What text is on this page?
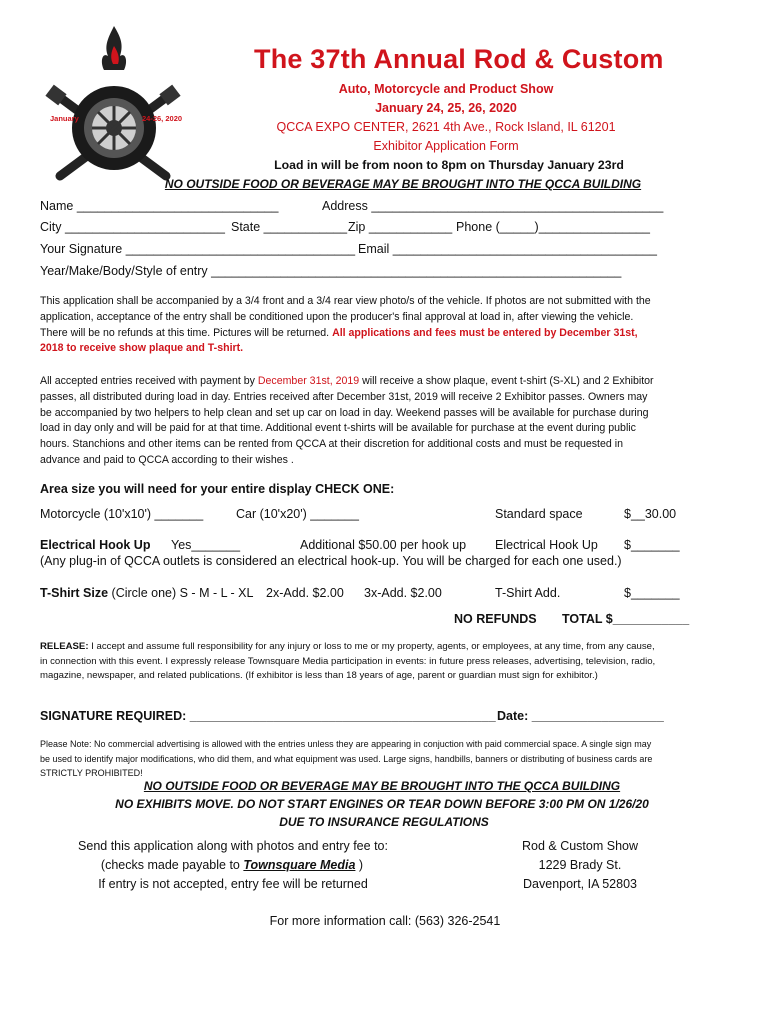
January	24-26, 2020
The 37th Annual Rod & Custom
Auto, Motorcycle and Product Show
January 24, 25, 26, 2020
QCCA EXPO CENTER, 2621 4th Ave., Rock Island, IL 61201
Exhibitor Application Form
Load in will be from noon to 8pm on Thursday January 23rd
NO OUTSIDE FOOD OR BEVERAGE MAY BE BROUGHT INTO THE QCCA BUILDING
Name _____________________________	Address __________________________________________
City _______________________ State ____________ Zip ____________ Phone (_____)________________
Your Signature _________________________________ Email ______________________________________
Year/Make/Body/Style of entry ___________________________________________________________
This application shall be accompanied by a 3/4 front and a 3/4 rear view photo/s of the vehicle. If photos are not submitted with the application, acceptance of the entry shall be conditioned upon the producer's final approval at load in, after viewing the vehicle. There will be no refunds at this time. Pictures will be returned. All applications and fees must be entered by December 31st, 2018 to receive show plaque and T-shirt.
All accepted entries received with payment by December 31st, 2019 will receive a show plaque, event t-shirt (S-XL) and 2 Exhibitor passes, all distributed during load in day. Entries received after December 31st, 2019 will receive 2 Exhibitor passes. Owners may be accompanied by two helpers to help clean and set up car on load in day. Weekend passes will be available for purchase during load in day only and will be paid for at that time. Additional event t-shirts will be available for purchase at the event during public hours. Stanchions and other items can be rented from QCCA at their discretion for additional costs and must be requested in advance and paid to QCCA according to their wishes .
Area size you will need for your entire display CHECK ONE:
Motorcycle (10'x10') _______	Car (10'x20') _______	Standard space	$__30.00
Electrical Hook Up Yes_______	Additional $50.00 per hook up Electrical Hook Up $_______
(Any plug-in of QCCA outlets is considered an electrical hook-up. You will be charged for each one used.)
T-Shirt Size (Circle one) S - M - L - XL 2x-Add. $2.00 3x-Add. $2.00	T-Shirt Add.	$_______
NO REFUNDS TOTAL $___________
RELEASE: I accept and assume full responsibility for any injury or loss to me or my property, agents, or employees, at any time, from any cause, in connection with this event. I expressly release Townsquare Media participation in events: in future press releases, advertising, television, radio, magazine, newspaper, and related publications. (If exhibitor is less than 18 years of age, parent or guardian must sign for exhibitor.)
SIGNATURE REQUIRED: ____________________________________________ Date: ___________________
Please Note: No commercial advertising is allowed with the entries unless they are appearing in conjuction with paid commercial space. A single sign may be used to identify major modifications, who did them, and what equipment was used. Large signs, handbills, banners or distributing of business cards are STRICTLY PROHIBITED!
NO OUTSIDE FOOD OR BEVERAGE MAY BE BROUGHT INTO THE QCCA BUILDING
NO EXHIBITS MOVE. DO NOT START ENGINES OR TEAR DOWN BEFORE 3:00 PM ON 1/26/20
DUE TO INSURANCE REGULATIONS
Send this application along with photos and entry fee to:
(checks made payable to Townsquare Media )
If entry is not accepted, entry fee will be returned
Rod & Custom Show
1229 Brady St.
Davenport, IA 52803
For more information call: (563) 326-2541
